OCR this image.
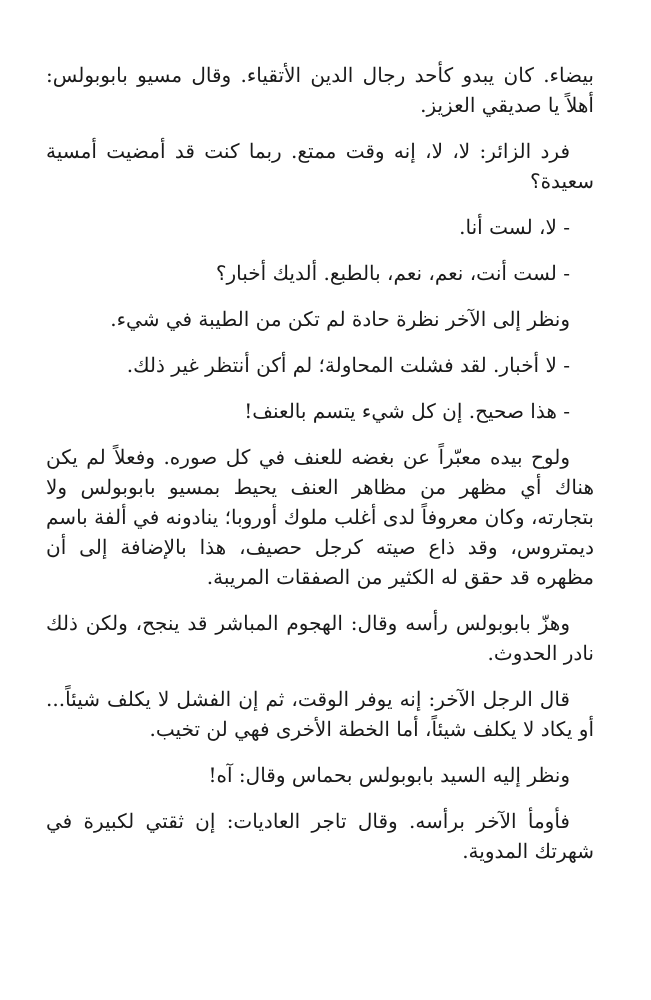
بيضاء. كان يبدو كأحد رجال الدين الأتقياء. وقال مسيو بابوبولس: أهلاً يا صديقي العزيز.

فرد الزائر: لا، لا، إنه وقت ممتع. ربما كنت قد أمضيت أمسية سعيدة؟

- لا، لست أنا.

- لست أنت، نعم، نعم، بالطبع. ألديك أخبار؟

ونظر إلى الآخر نظرة حادة لم تكن من الطيبة في شيء.

- لا أخبار. لقد فشلت المحاولة؛ لم أكن أنتظر غير ذلك.

- هذا صحيح. إن كل شيء يتسم بالعنف!

ولوح بيده معبّراً عن بغضه للعنف في كل صوره. وفعلاً لم يكن هناك أي مظهر من مظاهر العنف يحيط بمسيو بابوبولس ولا بتجارته، وكان معروفاً لدى أغلب ملوك أوروبا؛ ينادونه في ألفة باسم ديمتروس، وقد ذاع صيته كرجل حصيف، هذا بالإضافة إلى أن مظهره قد حقق له الكثير من الصفقات المريبة.

وهزّ بابوبولس رأسه وقال: الهجوم المباشر قد ينجح، ولكن ذلك نادر الحدوث.

قال الرجل الآخر: إنه يوفر الوقت، ثم إن الفشل لا يكلف شيئاً... أو يكاد لا يكلف شيئاً، أما الخطة الأخرى فهي لن تخيب.

ونظر إليه السيد بابوبولس بحماس وقال: آه!

فأومأ الآخر برأسه. وقال تاجر العاديات: إن ثقتي لكبيرة في شهرتك المدوية.
